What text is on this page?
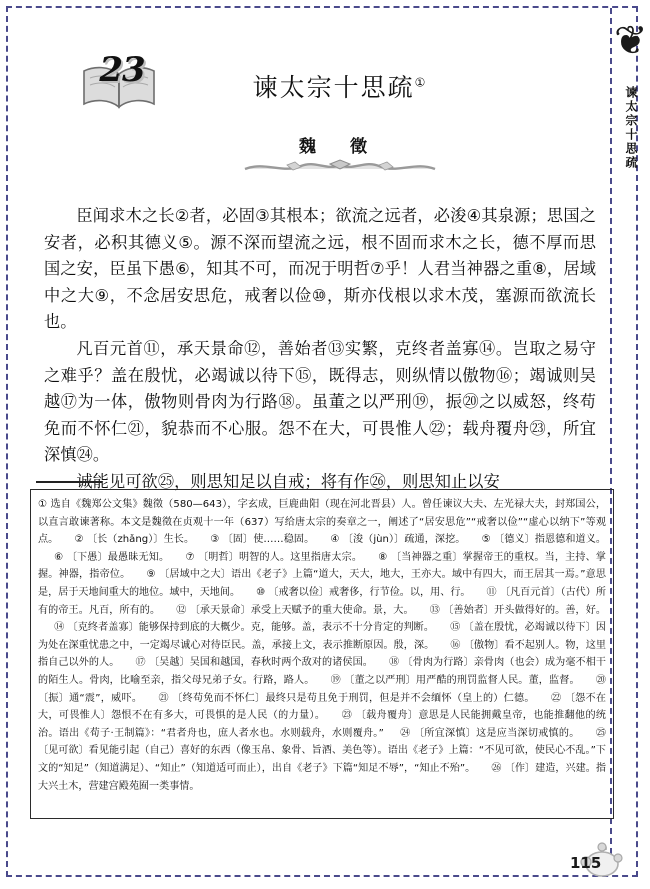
❦
谏太宗十思疏
23	谏太宗十思疏①
魏 徵

臣闻求木之长②者，必固③其根本；欲流之远者，必浚④其泉源；思国之安者，必积其德义⑤。源不深而望流之远，根不固而求木之长，德不厚而思国之安，臣虽下愚⑥，知其不可，而况于明哲⑦乎！人君当神器之重⑧，居域中之大⑨，不念居安思危，戒奢以俭⑩，斯亦伐根以求木茂，塞源而欲流长也。

凡百元首⑪，承天景命⑫，善始者⑬实繁，克终者盖寡⑭。岂取之易守之难乎？盖在殷忧，必竭诚以待下⑮，既得志，则纵情以傲物⑯；竭诚则吴越⑰为一体，傲物则骨肉为行路⑱。虽董之以严刑⑲，振⑳之以威怒，终苟免而不怀仁㉑，貌恭而不心服。怨不在大，可畏惟人㉒；载舟覆舟㉓，所宜深慎㉔。

诚能见可欲㉕，则思知足以自戒；将有作㉖，则思知止以安

① 选自《魏郑公文集》魏徵（580—643），字玄成，巨鹿曲阳（现在河北晋县）人。曾任谏议大夫、左光禄大夫，封郑国公，以直言敢谏著称。本文是魏徵在贞观十一年（637）写给唐太宗的奏章之一，阐述了“居安思危”“戒奢以俭”“虚心以纳下”等观点。 ② 〔长（zhǎng）〕生长。 ③ 〔固〕使……稳固。 ④ 〔浚（jùn）〕疏通，深挖。 ⑤ 〔德义〕指恩德和道义。⑥ 〔下愚〕最愚昧无知。 ⑦ 〔明哲〕明智的人。这里指唐太宗。 ⑧ 〔当神器之重〕掌握帝王的重权。当，主持、掌握。神器，指帝位。 ⑨ 〔居域中之大〕语出《老子》上篇“道大，天大，地大，王亦大。域中有四大，而王居其一焉。”意思是，居于天地间重大的地位。域中，天地间。 ⑩ 〔戒奢以俭〕戒奢侈，行节俭。以，用、行。 ⑪ 〔凡百元首〕（古代）所有的帝王。凡百，所有的。 ⑫ 〔承天景命〕承受上天赋予的重大使命。景，大。 ⑬ 〔善始者〕开头做得好的。善，好。⑭ 〔克终者盖寡〕能够保持到底的大概少。克，能够。盖，表示不十分肯定的判断。 ⑮ 〔盖在殷忧，必竭诚以待下〕因为处在深重忧患之中，一定竭尽诚心对待臣民。盖，承接上文，表示推断原因。殷，深。 ⑯ 〔傲物〕看不起别人。物，这里指自己以外的人。 ⑰ 〔吴越〕吴国和越国，春秋时两个敌对的诸侯国。 ⑱ 〔骨肉为行路〕亲骨肉（也会）成为毫不相干的陌生人。骨肉，比喻至亲，指父母兄弟子女。行路，路人。 ⑲ 〔董之以严刑〕用严酷的刑罚监督人民。董，监督。 ⑳ 〔振〕通“震”，威吓。 ㉑ 〔终苟免而不怀仁〕最终只是苟且免于刑罚，但是并不会缅怀（皇上的）仁德。 ㉒ 〔怨不在大，可畏惟人〕怨恨不在有多大，可畏惧的是人民（的力量）。 ㉓ 〔载舟覆舟〕意思是人民能拥戴皇帝，也能推翻他的统治。语出《荀子·王制篇》：“君者舟也，庶人者水也。水则载舟，水则覆舟。” ㉔ 〔所宜深慎〕这是应当深切戒慎的。 ㉕ 〔见可欲〕看见能引起（自己）喜好的东西（像玉帛、象骨、旨酒、美色等）。语出《老子》上篇：“不见可欲，使民心不乱。”下文的“知足”（知道满足）、“知止”（知道适可而止），出自《老子》下篇“知足不辱”，“知止不殆”。 ㉖ 〔作〕建造，兴建。指大兴土木，营建宫殿苑囿一类事情。
115
